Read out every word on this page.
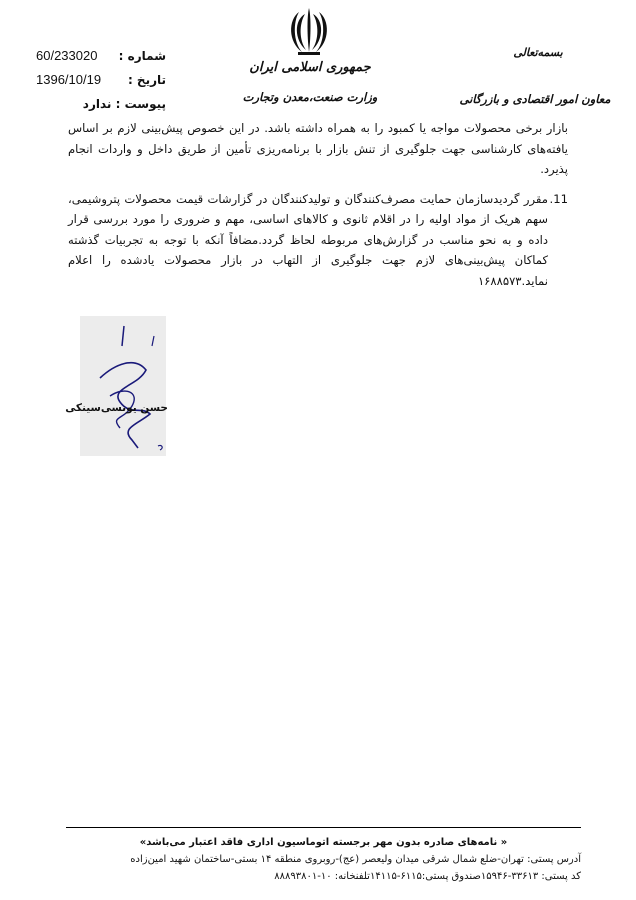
شماره :
60/233020
تاریخ :
1396/10/19
پیوست : ندارد
جمهوری اسلامی ایران
وزارت صنعت،معدن وتجارت
بسمه‌تعالی
معاون امور اقتصادی و بازرگانی

بازار برخی محصولات مواجه یا کمبود را به همراه داشته باشد. در این خصوص پیش‌بینی لازم بر اساس یافته‌های کارشناسی جهت جلوگیری از تنش بازار با برنامه‌ریزی تأمین از طریق داخل و واردات انجام پذیرد.

11.
مقرر گردیدسازمان حمایت مصرف‌کنندگان و تولیدکنندگان در گزارشات قیمت محصولات پتروشیمی، سهم هریک از مواد اولیه را در اقلام ثانوی و کالاهای اساسی، مهم و ضروری را مورد بررسی قرار داده و به نحو مناسب در گزارش‌های مربوطه لحاظ گردد.مضافاً آنکه با توجه به تجربیات گذشته کماکان پیش‌بینی‌های لازم جهت جلوگیری از التهاب در بازار محصولات یادشده را اعلام نماید.۱۶۸۸۵۷۳
حسن یونسی‌سینکی
« نامه‌های صادره بدون مهر برجسته اتوماسیون اداری فاقد اعتبار می‌باشد»
آدرس پستی: تهران-ضلع شمال شرقی میدان ولیعصر (عج)-روبروی منطقه ۱۴ بستی-ساختمان شهید امین‌زاده
کد پستی: ۳۳۶۱۳-۱۵۹۴۶صندوق پستی:۶۱۱۵-۱۴۱۱۵تلفنخانه: ۱۰-۸۸۸۹۳۸۰۱
